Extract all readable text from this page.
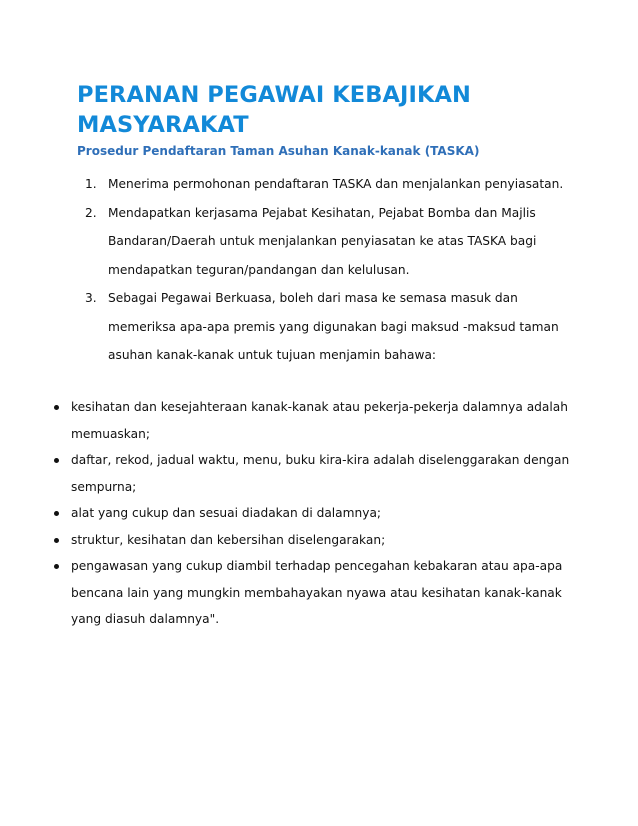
PERANAN PEGAWAI KEBAJIKAN MASYARAKAT

Prosedur Pendaftaran Taman Asuhan Kanak-kanak (TASKA)

1. Menerima permohonan pendaftaran TASKA dan menjalankan penyiasatan.
2. Mendapatkan kerjasama Pejabat Kesihatan, Pejabat Bomba dan Majlis Bandaran/Daerah untuk menjalankan penyiasatan ke atas TASKA bagi mendapatkan teguran/pandangan dan kelulusan.
3. Sebagai Pegawai Berkuasa, boleh dari masa ke semasa masuk dan memeriksa apa-apa premis yang digunakan bagi maksud -maksud taman asuhan kanak-kanak untuk tujuan menjamin bahawa:
kesihatan dan kesejahteraan kanak-kanak atau pekerja-pekerja dalamnya adalah memuaskan;
daftar, rekod, jadual waktu, menu, buku kira-kira adalah diselenggarakan dengan sempurna;
alat yang cukup dan sesuai diadakan di dalamnya;
struktur, kesihatan dan kebersihan diselengarakan;
pengawasan yang cukup diambil terhadap pencegahan kebakaran atau apa-apa bencana lain yang mungkin membahayakan nyawa atau kesihatan kanak-kanak yang diasuh dalamnya".
